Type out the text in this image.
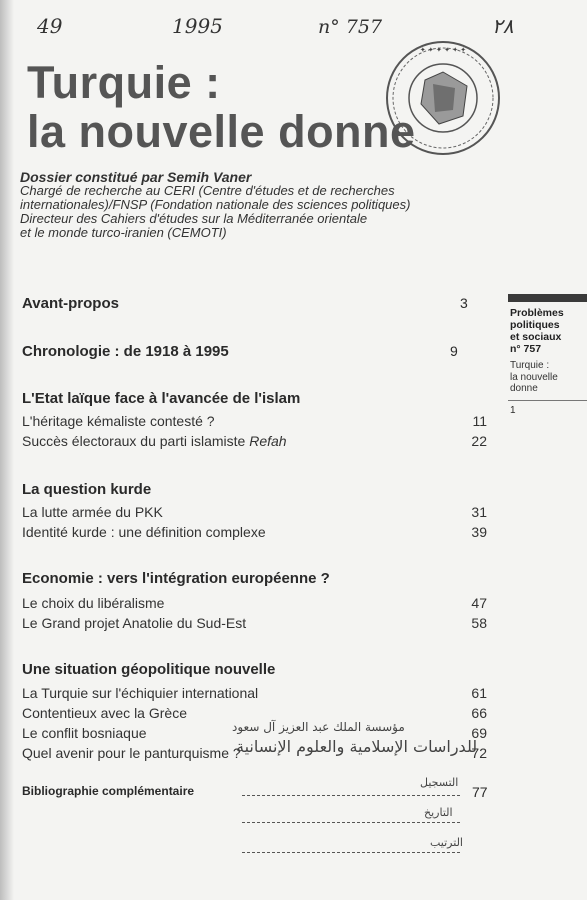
49	1995	n° 757	٢٨
✦ ✦ ✦ ✦ ✦ ✦
Turquie :
la nouvelle donne
Dossier constitué par Semih Vaner
Chargé de recherche au CERI (Centre d'études et de recherches
internationales)/FNSP (Fondation nationale des sciences politiques)
Directeur des Cahiers d'études sur la Méditerranée orientale
et le monde turco-iranien (CEMOTI)
Problèmes
politiques
et sociaux
n° 757
Turquie :
la nouvelle
donne
1
Avant-propos	3
Chronologie : de 1918 à 1995	9
L'Etat laïque face à l'avancée de l'islam
L'héritage kémaliste contesté ?	11
Succès électoraux du parti islamiste Refah	22
La question kurde
La lutte armée du PKK	31
Identité kurde : une définition complexe	39
Economie : vers l'intégration européenne ?
Le choix du libéralisme	47
Le Grand projet Anatolie du Sud-Est	58
Une situation géopolitique nouvelle
La Turquie sur l'échiquier international	61
Contentieux avec la Grèce	66
Le conflit bosniaque	69
Quel avenir pour le panturquisme ?	72
Bibliographie complémentaire	77
مؤسسة الملك عبد العزيز آل سعود
للدراسات الإسلامية والعلوم الإنسانية
التسجيل
التاريخ
الترتيب
